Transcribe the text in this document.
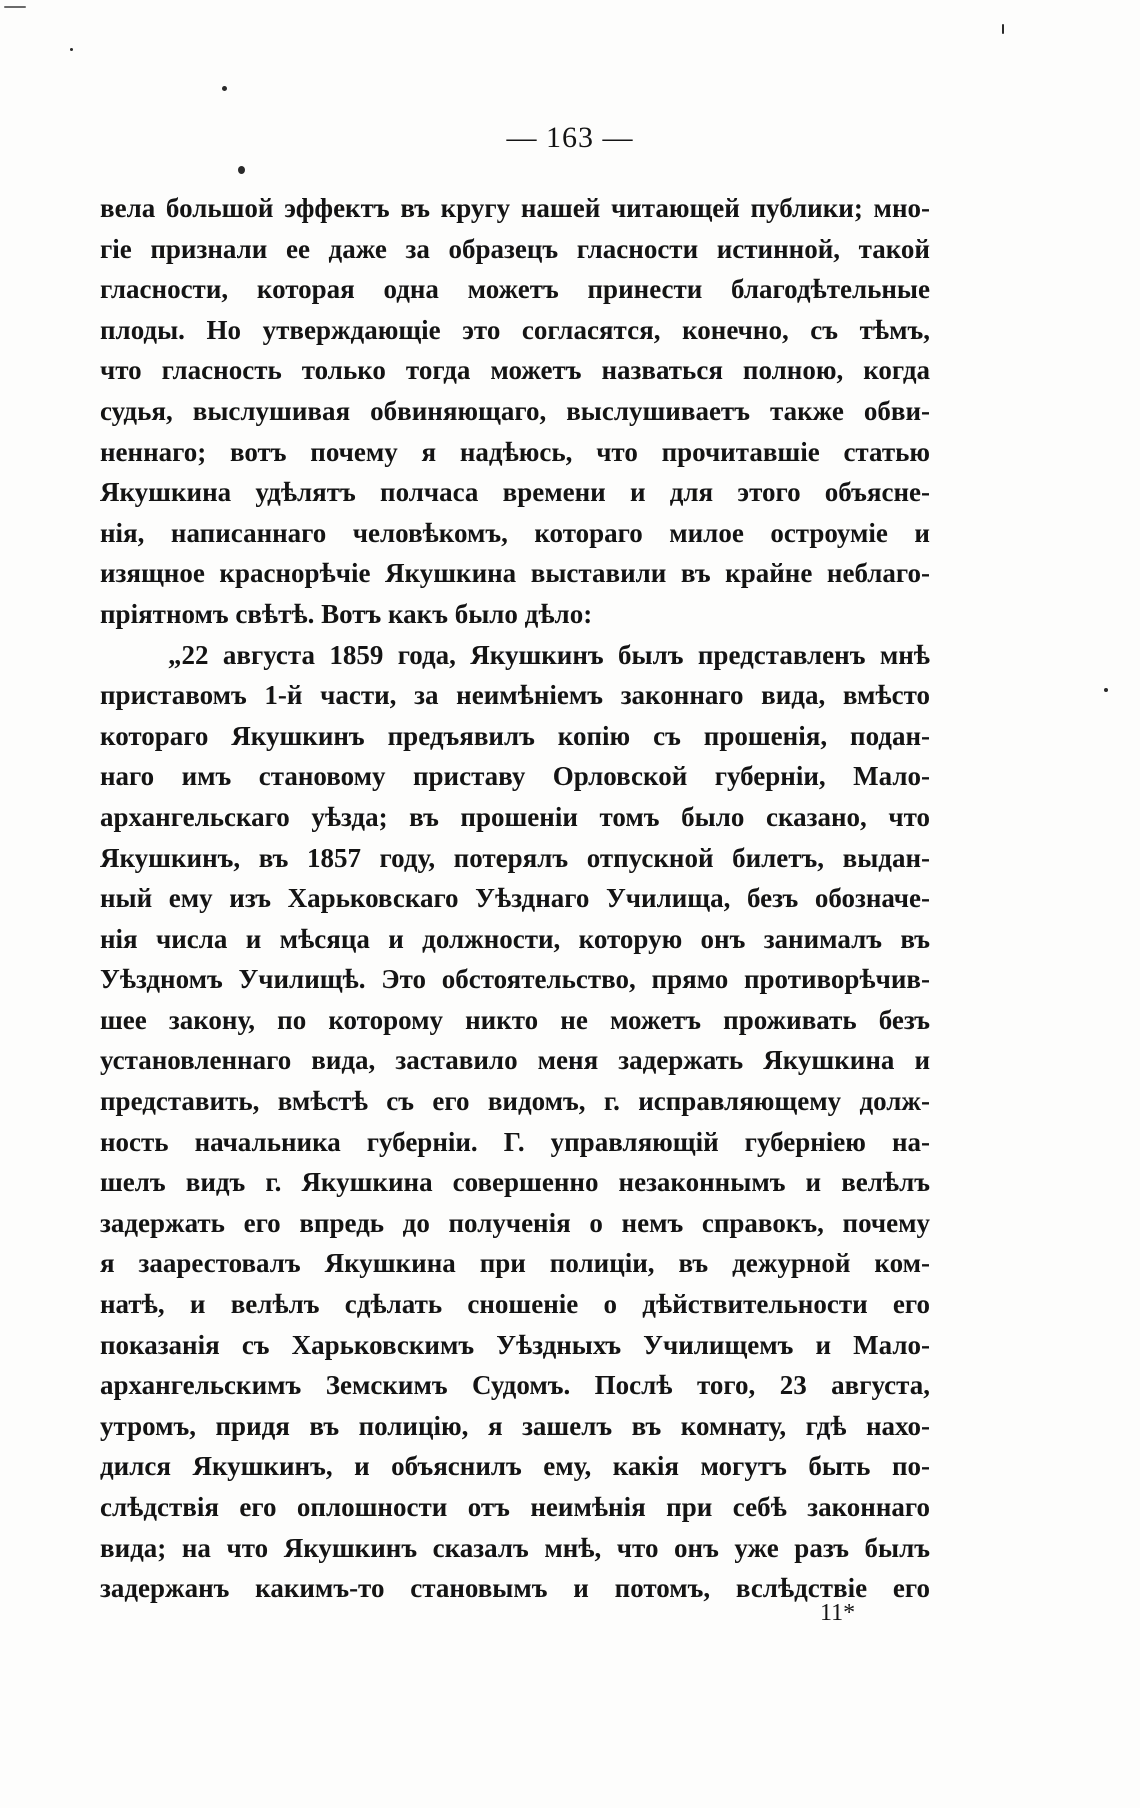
— 163 —
вела большой эффектъ въ кругу нашей читающей публики; мно-
гіе признали ее даже за образецъ гласности истинной, такой
гласности, которая одна можетъ принести благодѣтельные
плоды. Но утверждающіе это согласятся, конечно, съ тѣмъ,
что гласность только тогда можетъ назваться полною, когда
судья, выслушивая обвиняющаго, выслушиваетъ также обви-
неннаго; вотъ почему я надѣюсь, что прочитавшіе статью
Якушкина удѣлятъ полчаса времени и для этого объясне-
нія, написаннаго человѣкомъ, котораго милое остроуміе и
изящное краснорѣчіе Якушкина выставили въ крайне неблаго-
пріятномъ свѣтѣ. Вотъ какъ было дѣло:
„22 августа 1859 года, Якушкинъ былъ представленъ мнѣ
приставомъ 1-й части, за неимѣніемъ законнаго вида, вмѣсто
котораго Якушкинъ предъявилъ копію съ прошенія, подан-
наго имъ становому приставу Орловской губерніи, Мало-
архангельскаго уѣзда; въ прошеніи томъ было сказано, что
Якушкинъ, въ 1857 году, потерялъ отпускной билетъ, выдан-
ный ему изъ Харьковскаго Уѣзднаго Училища, безъ обозначе-
нія числа и мѣсяца и должности, которую онъ занималъ въ
Уѣздномъ Училищѣ. Это обстоятельство, прямо противорѣчив-
шее закону, по которому никто не можетъ проживать безъ
установленнаго вида, заставило меня задержать Якушкина и
представить, вмѣстѣ съ его видомъ, г. исправляющему долж-
ность начальника губерніи. Г. управляющій губерніею на-
шелъ видъ г. Якушкина совершенно незаконнымъ и велѣлъ
задержать его впредь до полученія о немъ справокъ, почему
я заарестовалъ Якушкина при полиціи, въ дежурной ком-
натѣ, и велѣлъ сдѣлать сношеніе о дѣйствительности его
показанія съ Харьковскимъ Уѣздныхъ Училищемъ и Мало-
архангельскимъ Земскимъ Судомъ. Послѣ того, 23 августа,
утромъ, придя въ полицію, я зашелъ въ комнату, гдѣ нахо-
дился Якушкинъ, и объяснилъ ему, какія могутъ быть по-
слѣдствія его оплошности отъ неимѣнія при себѣ законнаго
вида; на что Якушкинъ сказалъ мнѣ, что онъ уже разъ былъ
задержанъ какимъ-то становымъ и потомъ, вслѣдствіе его
11*
